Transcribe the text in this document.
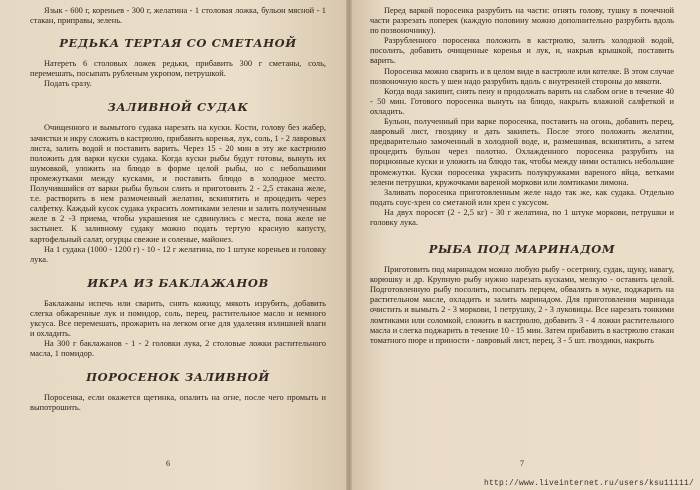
Язык - 600 г, кореньев - 300 г, желатина - 1 столовая ложка, бульон мясной - 1 стакан, приправы, зелень.

РЕДЬКА ТЕРТАЯ СО СМЕТАНОЙ

Натереть 6 столовых ложек редьки, прибавить 300 г сметаны, соль, перемешать, посыпать рубленым укропом, петрушкой.

Подать сразу.

ЗАЛИВНОЙ СУДАК

Очищенного и вымытого судака нарезать на куски. Кости, голову без жабер, зачистки и икру сложить в кастрюлю, прибавить коренья, лук, соль, 1 - 2 лавровых листа, залить водой и поставить варить. Через 15 - 20 мин в эту же кастрюлю положить для варки куски судака. Когда куски рыбы будут готовы, вынуть их шумовкой, уложить на блюдо в форме целой рыбы, но с небольшими промежутками между кусками, и поставить блюдо в холодное место. Получившийся от варки рыбы бульон слить и приготовить 2 - 2,5 стакана желе, т.е. растворить в нем размоченный желатин, вскипятить и процедить через салфетку. Каждый кусок судака украсить ломтиками зелени и залить полученным желе в 2 -3 приема, чтобы украшения не сдвинулись с места, пока желе не застынет. К заливному судаку можно подать тертую красную капусту, картофельный салат, огурцы свежие и соленые, майонез.

На 1 судака (1000 - 1200 г) - 10 - 12 г желатина, по 1 штуке кореньев и головку лука.

ИКРА ИЗ БАКЛАЖАНОВ

Баклажаны испечь или сварить, снять кожицу, мякоть изрубить, добавить слегка обжаренные лук и помидор, соль, перец, растительное масло и немного уксуса. Все перемешать, прожарить на легком огне для удаления излишней влаги и охладить.

На 300 г баклажанов - 1 - 2 головки лука, 2 столовые ложки растительного масла, 1 помидор.

ПОРОСЕНОК ЗАЛИВНОЙ

Поросенка, если окажется щетинка, опалить на огне, после чего промыть и выпотрошить.

6

Перед варкой поросенка разрубить на части: отнять голову, тушку в почечной части разрезать поперек (каждую половину можно дополнительно разрубить вдоль по позвоночнику).

Разрубленного поросенка положить в кастрюлю, залить холодной водой, посолить, добавить очищенные коренья и лук, и, накрыв крышкой, поставить варить.

Поросенка можно сварить и в целом виде в кастрюле или котелке. В этом случае позвоночную кость у шеи надо разрубить вдоль с внутренней стороны до мякоти.

Когда вода закипит, снять пену и продолжать варить на слабом огне в течение 40 - 50 мин. Готового поросенка вынуть на блюдо, накрыть влажной салфеткой и охладить.

Бульон, полученный при варке поросенка, поставить на огонь, добавить перец, лавровый лист, гвоздику и дать закипеть. После этого положить желатин, предварительно замоченный в холодной воде, и, размешивая, вскипятить, а затем процедить бульон через полотно. Охлажденного поросенка разрубить на порционные куски и уложить на блюдо так, чтобы между ними остались небольшие промежутки. Куски поросенка украсить полукружками вареного яйца, ветками зелени петрушки, кружочками вареной моркови или ломтиками лимона.

Заливать поросенка приготовленным желе надо так же, как судака. Отдельно подать соус-хрен со сметаной или хрен с уксусом.

На двух поросят (2 - 2,5 кг) - 30 г желатина, по 1 штуке моркови, петрушки и головку лука.

РЫБА ПОД МАРИНАДОМ

Приготовить под маринадом можно любую рыбу - осетрину, судак, щуку, навагу, корюшку и др. Крупную рыбу нужно нарезать кусками, мелкую - оставить целой. Подготовленную рыбу посолить, посыпать перцем, обвалять в муке, поджарить на растительном масле, охладить и залить маринадом. Для приготовления маринада очистить и вымыть 2 - 3 моркови, 1 петрушку, 2 - 3 луковицы. Все нарезать тонкими ломтиками или соломкой, сложить в кастрюлю, добавить 3 - 4 ложки растительного масла и слегка поджарить в течение 10 - 15 мин. Затем прибавить в кастрюлю стакан томатного пюре и приности - лавровый лист, перец, 3 - 5 шт. гвоздики, накрыть

7
http://www.liveinternet.ru/users/ksu11111/
